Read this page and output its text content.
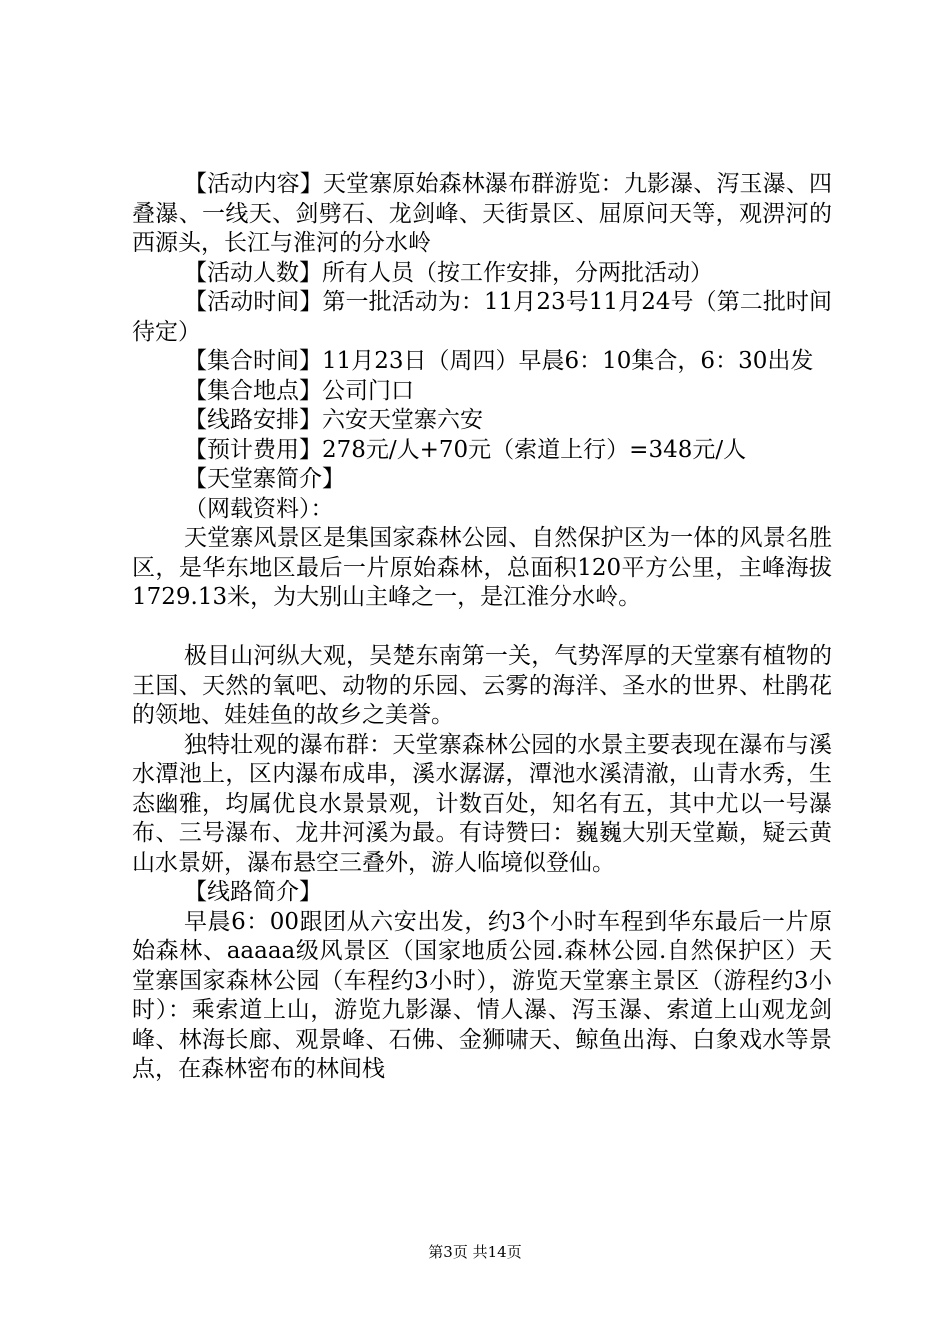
【活动内容】天堂寨原始森林瀑布群游览：九影瀑、泻玉瀑、四叠瀑、一线天、剑劈石、龙剑峰、天街景区、屈原问天等，观淠河的西源头，长江与淮河的分水岭

【活动人数】所有人员（按工作安排，分两批活动）

【活动时间】第一批活动为：11月23号11月24号（第二批时间待定）

【集合时间】11月23日（周四）早晨6：10集合，6：30出发

【集合地点】公司门口

【线路安排】六安天堂寨六安

【预计费用】278元/人+70元（索道上行）=348元/人

【天堂寨简介】

（网载资料）：

天堂寨风景区是集国家森林公园、自然保护区为一体的风景名胜区，是华东地区最后一片原始森林，总面积120平方公里，主峰海拔1729.13米，为大别山主峰之一，是江淮分水岭。

极目山河纵大观，吴楚东南第一关，气势浑厚的天堂寨有植物的王国、天然的氧吧、动物的乐园、云雾的海洋、圣水的世界、杜鹃花的领地、娃娃鱼的故乡之美誉。

独特壮观的瀑布群：天堂寨森林公园的水景主要表现在瀑布与溪水潭池上，区内瀑布成串，溪水潺潺，潭池水溪清澈，山青水秀，生态幽雅，均属优良水景景观，计数百处，知名有五，其中尤以一号瀑布、三号瀑布、龙井河溪为最。有诗赞曰：巍巍大别天堂巅，疑云黄山水景妍，瀑布悬空三叠外，游人临境似登仙。

【线路简介】

早晨6：00跟团从六安出发，约3个小时车程到华东最后一片原始森林、aaaaa级风景区（国家地质公园.森林公园.自然保护区）天堂寨国家森林公园（车程约3小时），游览天堂寨主景区（游程约3小时）：乘索道上山，游览九影瀑、情人瀑、泻玉瀑、索道上山观龙剑峰、林海长廊、观景峰、石佛、金狮啸天、鲸鱼出海、白象戏水等景点，在森林密布的林间栈

第3页 共14页
